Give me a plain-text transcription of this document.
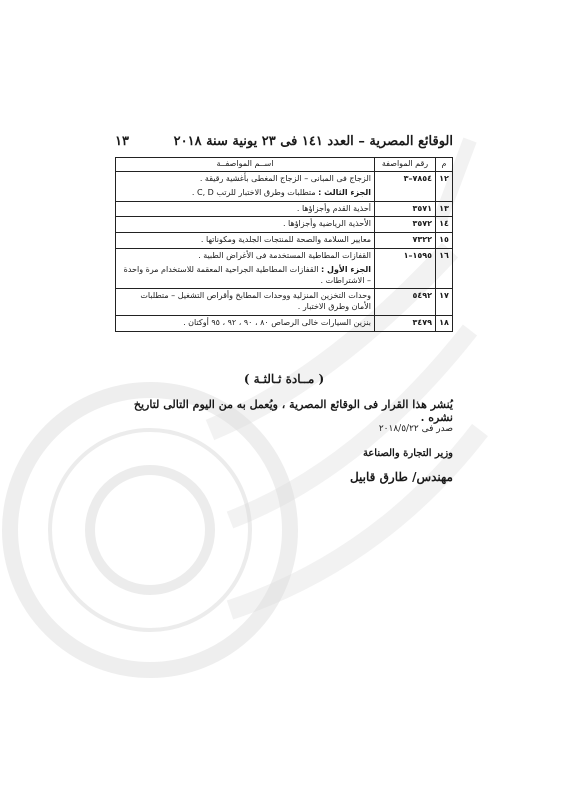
الوقائع المصرية – العدد ١٤١ فى ٢٣ يونية سنة ٢٠١٨
١٣
م	رقم المواصفة	اســم المواصفــة
١٢	٧٨٥٤–٣	الزجاج فى المبانى – الزجاج المغطى بأغشية رقيقة .
الجزء الثالث : متطلبات وطرق الاختبار للرتب C, D .

١٣	٣٥٧١	أحذية القدم وأجزاؤها .
١٤	٣٥٧٢	الأحذية الرياضية وأجزاؤها .
١٥	٧٣٢٢	معايير السلامة والصحة للمنتجات الجلدية ومكوناتها .
١٦	١٥٩٥–١	القفازات المطاطية المستخدمة فى الأغراض الطبية .
الجزء الأول : القفازات المطاطية الجراحية المعقمة للاستخدام مرة واحدة – الاشتراطات .

١٧	٥٤٩٢	وحدات التخزين المنزلية ووحدات المطابخ وأقراص التشغيل – متطلبات الأمان وطرق الاختبار .
١٨	٣٤٧٩	بنزين السيارات خالى الرصاص ٨٠ ، ٩٠ ، ٩٢ ، ٩٥ أوكتان .
( مــادة ثـالثـة )
يُنشر هذا القرار فى الوقائع المصرية ، ويُعمل به من اليوم التالى لتاريخ نشره .
صدر فى ٢٠١٨/٥/٢٢
وزير التجارة والصناعة
مهندس/ طارق قابيل
